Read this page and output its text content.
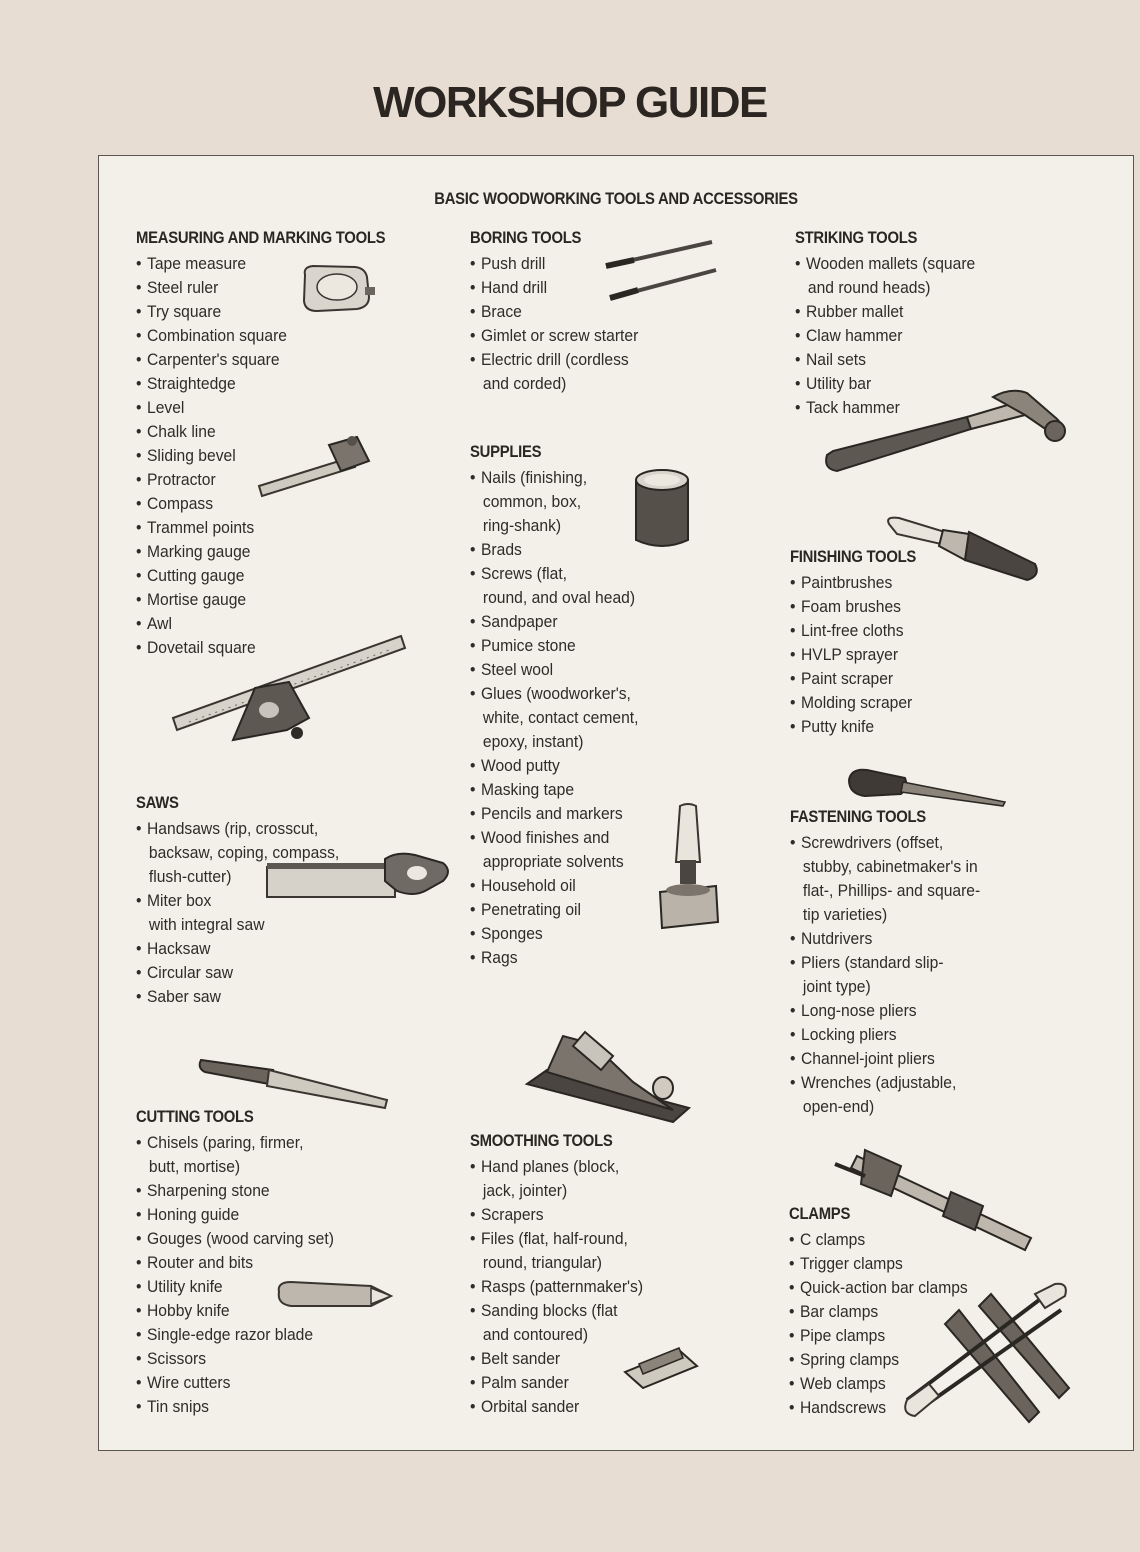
WORKSHOP GUIDE
BASIC WOODWORKING TOOLS AND ACCESSORIES
MEASURING AND MARKING TOOLS
• Tape measure
• Steel ruler
• Try square
• Combination square
• Carpenter's square
• Straightedge
• Level
• Chalk line
• Sliding bevel
• Protractor
• Compass
• Trammel points
• Marking gauge
• Cutting gauge
• Mortise gauge
• Awl
• Dovetail square
SAWS
• Handsaws (rip, crosscut,
backsaw, coping, compass,
flush-cutter)
• Miter box
with integral saw
• Hacksaw
• Circular saw
• Saber saw
CUTTING TOOLS
• Chisels (paring, firmer,
butt, mortise)
• Sharpening stone
• Honing guide
• Gouges (wood carving set)
• Router and bits
• Utility knife
• Hobby knife
• Single-edge razor blade
• Scissors
• Wire cutters
• Tin snips
BORING TOOLS
• Push drill
• Hand drill
• Brace
• Gimlet or screw starter
• Electric drill (cordless
and corded)
SUPPLIES
• Nails (finishing,
common, box,
ring-shank)
• Brads
• Screws (flat,
round, and oval head)
• Sandpaper
• Pumice stone
• Steel wool
• Glues (woodworker's,
white, contact cement,
epoxy, instant)
• Wood putty
• Masking tape
• Pencils and markers
• Wood finishes and
appropriate solvents
• Household oil
• Penetrating oil
• Sponges
• Rags
SMOOTHING TOOLS
• Hand planes (block,
jack, jointer)
• Scrapers
• Files (flat, half-round,
round, triangular)
• Rasps (patternmaker's)
• Sanding blocks (flat
and contoured)
• Belt sander
• Palm sander
• Orbital sander
STRIKING TOOLS
• Wooden mallets (square
and round heads)
• Rubber mallet
• Claw hammer
• Nail sets
• Utility bar
• Tack hammer
FINISHING TOOLS
• Paintbrushes
• Foam brushes
• Lint-free cloths
• HVLP sprayer
• Paint scraper
• Molding scraper
• Putty knife
FASTENING TOOLS
• Screwdrivers (offset,
stubby, cabinetmaker's in
flat-, Phillips- and square-
tip varieties)
• Nutdrivers
• Pliers (standard slip-
joint type)
• Long-nose pliers
• Locking pliers
• Channel-joint pliers
• Wrenches (adjustable,
open-end)
CLAMPS
• C clamps
• Trigger clamps
• Quick-action bar clamps
• Bar clamps
• Pipe clamps
• Spring clamps
• Web clamps
• Handscrews
